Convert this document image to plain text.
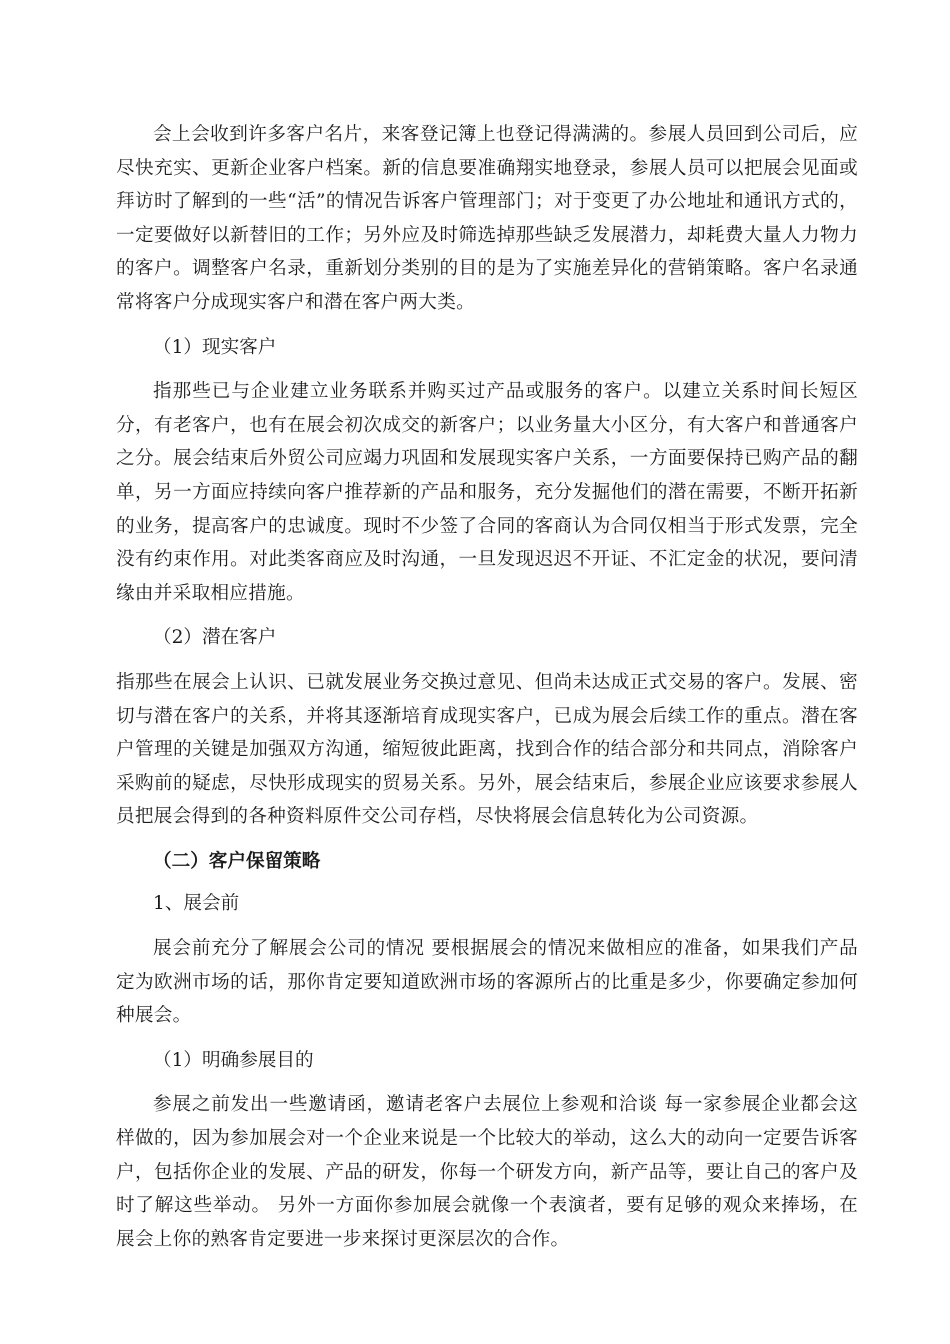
会上会收到许多客户名片，来客登记簿上也登记得满满的。参展人员回到公司后，应尽快充实、更新企业客户档案。新的信息要准确翔实地登录，参展人员可以把展会见面或拜访时了解到的一些“活”的情况告诉客户管理部门；对于变更了办公地址和通讯方式的，一定要做好以新替旧的工作；另外应及时筛选掉那些缺乏发展潜力，却耗费大量人力物力的客户。调整客户名录，重新划分类别的目的是为了实施差异化的营销策略。客户名录通常将客户分成现实客户和潜在客户两大类。

（1）现实客户

指那些已与企业建立业务联系并购买过产品或服务的客户。以建立关系时间长短区分，有老客户，也有在展会初次成交的新客户；以业务量大小区分，有大客户和普通客户之分。展会结束后外贸公司应竭力巩固和发展现实客户关系，一方面要保持已购产品的翻单，另一方面应持续向客户推荐新的产品和服务，充分发掘他们的潜在需要，不断开拓新的业务，提高客户的忠诚度。现时不少签了合同的客商认为合同仅相当于形式发票，完全没有约束作用。对此类客商应及时沟通，一旦发现迟迟不开证、不汇定金的状况，要问清缘由并采取相应措施。

（2）潜在客户

指那些在展会上认识、已就发展业务交换过意见、但尚未达成正式交易的客户。发展、密切与潜在客户的关系，并将其逐渐培育成现实客户，已成为展会后续工作的重点。潜在客户管理的关键是加强双方沟通，缩短彼此距离，找到合作的结合部分和共同点，消除客户采购前的疑虑，尽快形成现实的贸易关系。另外，展会结束后，参展企业应该要求参展人员把展会得到的各种资料原件交公司存档，尽快将展会信息转化为公司资源。

（二）客户保留策略

1、展会前

展会前充分了解展会公司的情况 要根据展会的情况来做相应的准备，如果我们产品定为欧洲市场的话，那你肯定要知道欧洲市场的客源所占的比重是多少，你要确定参加何种展会。

（1）明确参展目的

参展之前发出一些邀请函，邀请老客户去展位上参观和洽谈 每一家参展企业都会这样做的，因为参加展会对一个企业来说是一个比较大的举动，这么大的动向一定要告诉客户，包括你企业的发展、产品的研发，你每一个研发方向，新产品等，要让自己的客户及时了解这些举动。 另外一方面你参加展会就像一个表演者，要有足够的观众来捧场，在展会上你的熟客肯定要进一步来探讨更深层次的合作。
